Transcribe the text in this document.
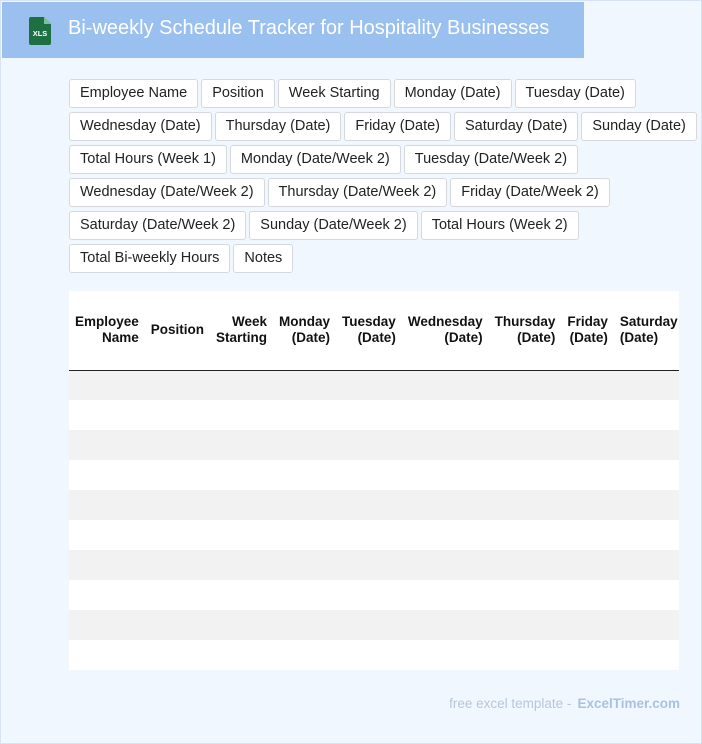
XLS Bi-weekly Schedule Tracker for Hospitality Businesses
Employee Name	Position	Week Starting	Monday (Date)	Tuesday (Date)
Wednesday (Date)	Thursday (Date)	Friday (Date)	Saturday (Date)	Sunday (Date)
Total Hours (Week 1)	Monday (Date/Week 2)	Tuesday (Date/Week 2)
Wednesday (Date/Week 2)	Thursday (Date/Week 2)	Friday (Date/Week 2)
Saturday (Date/Week 2)	Sunday (Date/Week 2)	Total Hours (Week 2)
Total Bi-weekly Hours	Notes
Employee Name	Position	Week Starting	Monday (Date)	Tuesday (Date)	Wednesday (Date)	Thursday (Date)	Friday (Date)	Saturday (Date)

free excel template - ExcelTimer.com
